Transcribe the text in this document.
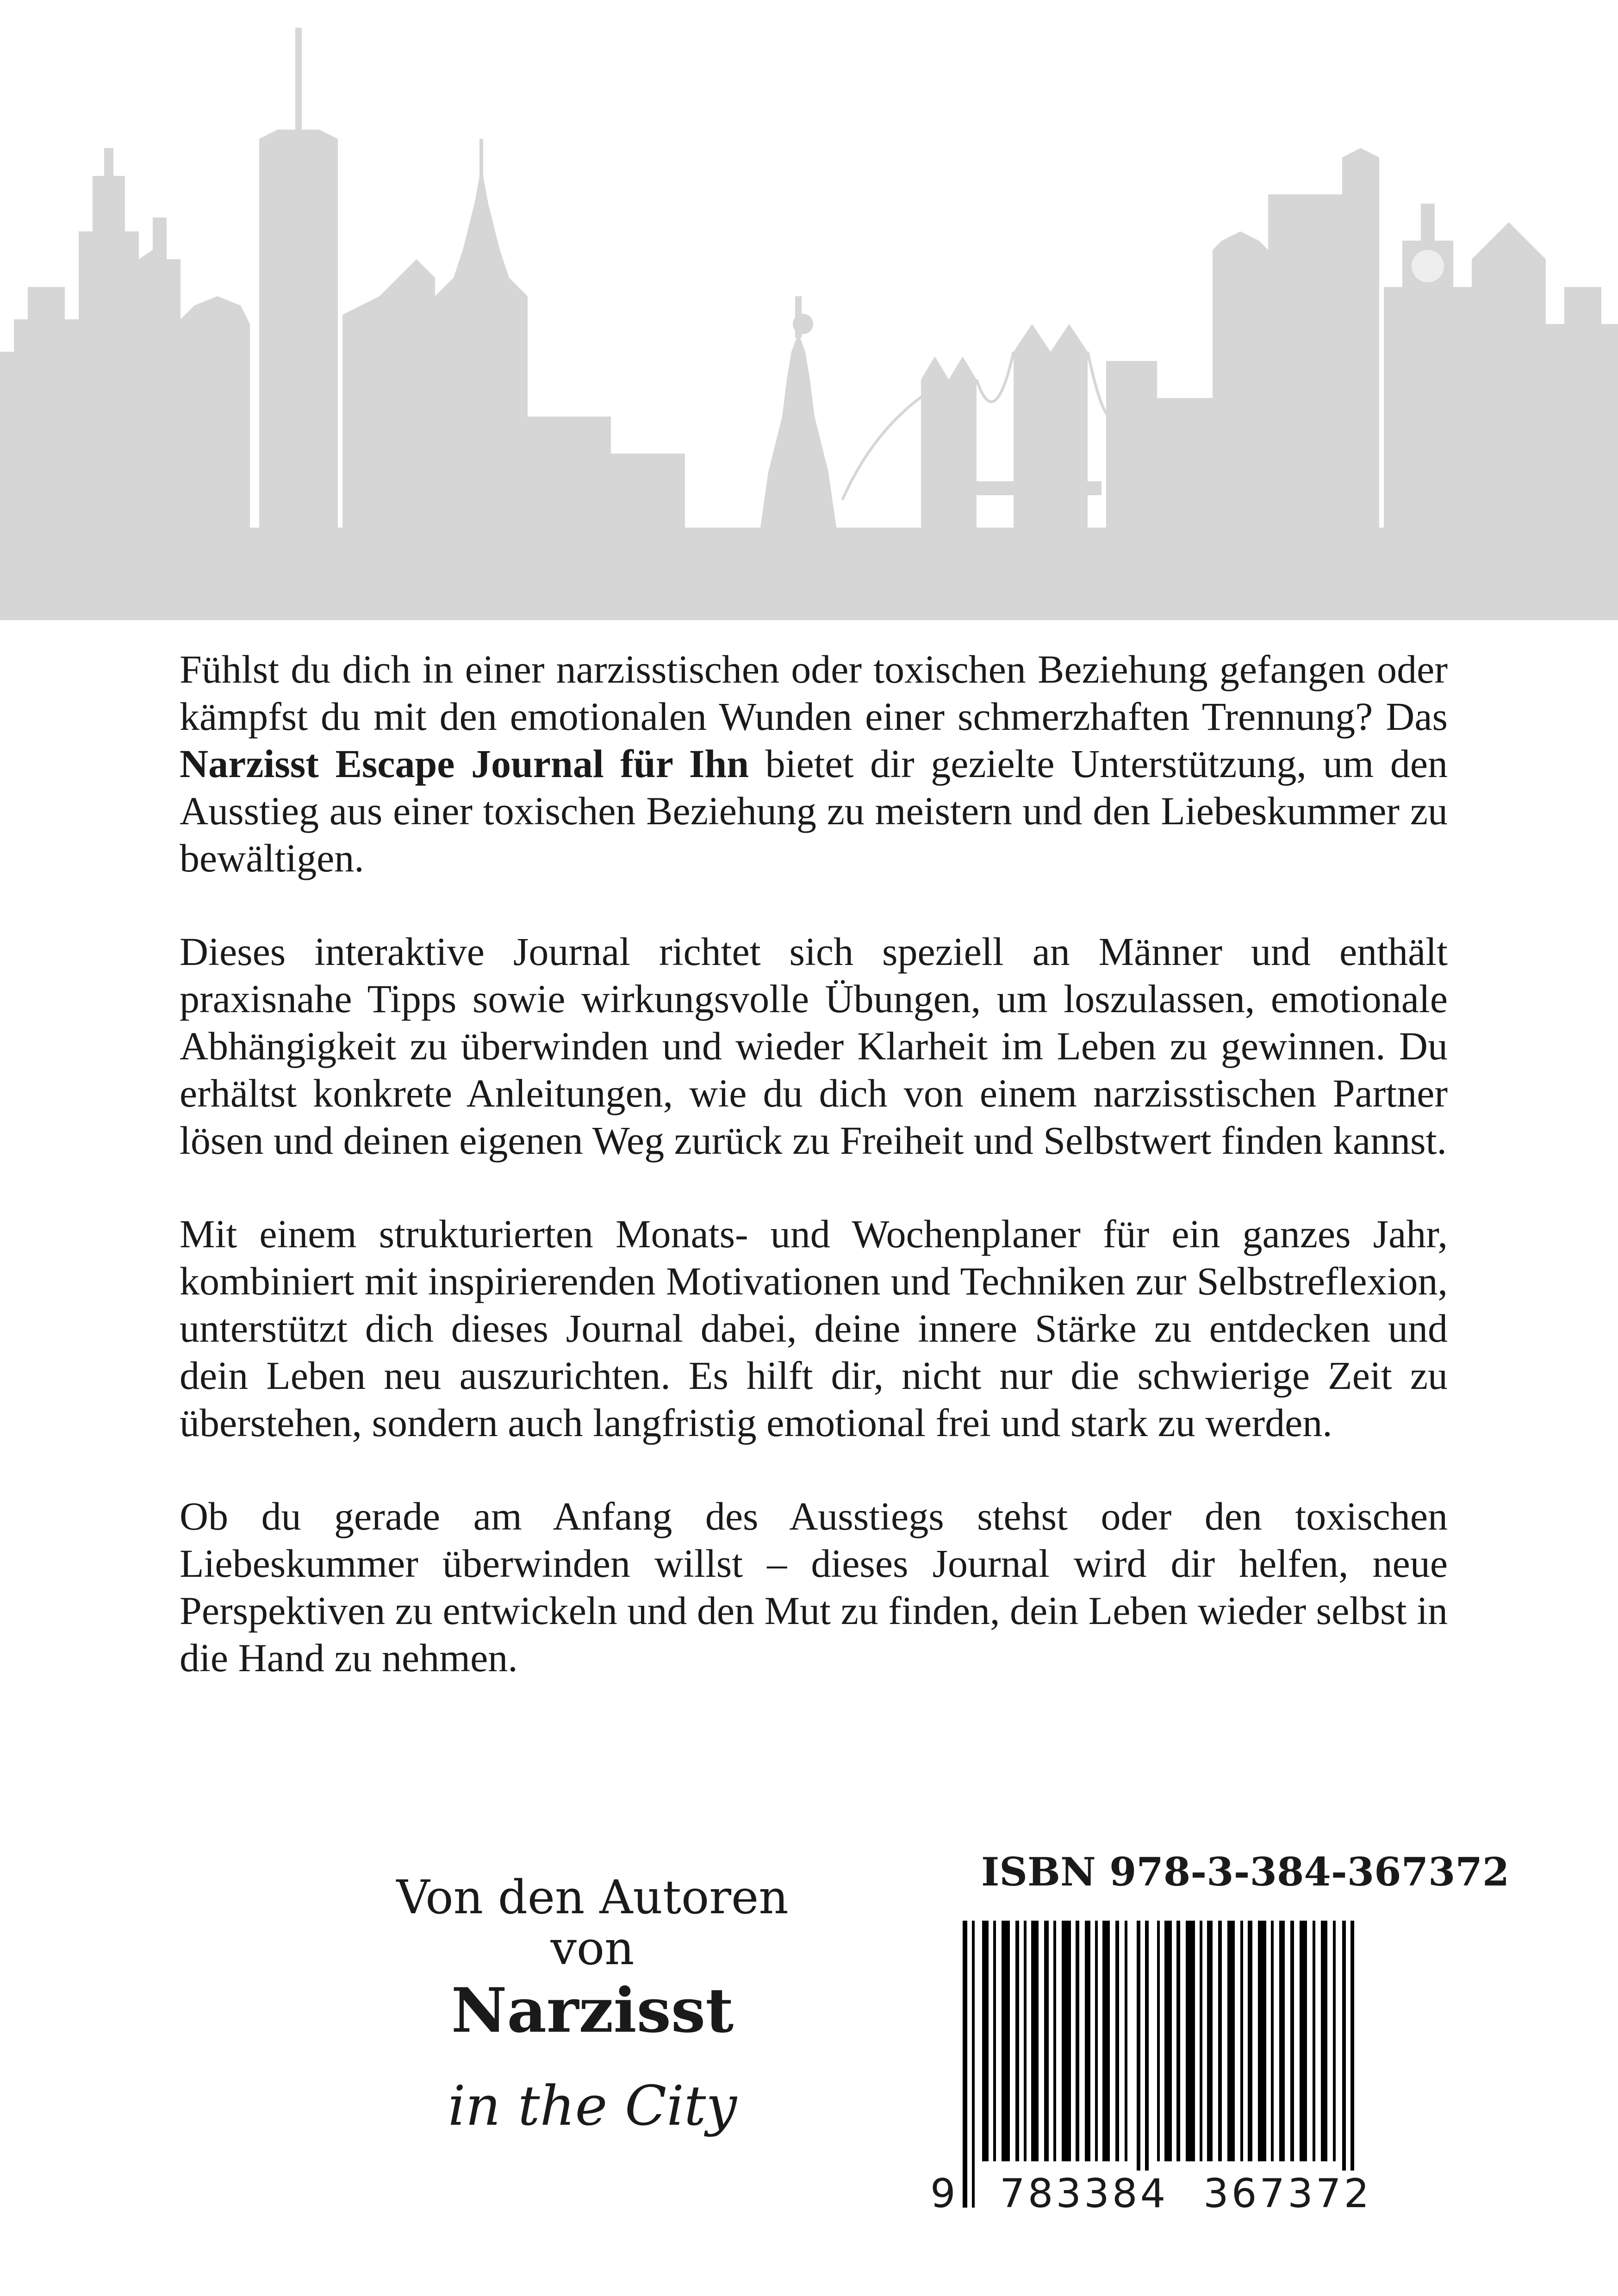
Fühlst du dich in einer narzisstischen oder toxischen Beziehung gefangen oder kämpfst du mit den emotionalen Wunden einer schmerzhaften Trennung? Das Narzisst Escape Journal für Ihn bietet dir gezielte Unterstützung, um den Ausstieg aus einer toxischen Beziehung zu meistern und den Liebeskummer zu bewältigen.

Dieses interaktive Journal richtet sich speziell an Männer und enthält praxisnahe Tipps sowie wirkungsvolle Übungen, um loszulassen, emotionale Abhängigkeit zu überwinden und wieder Klarheit im Leben zu gewinnen. Du erhältst konkrete Anleitungen, wie du dich von einem narzisstischen Partner lösen und deinen eigenen Weg zurück zu Freiheit und Selbstwert finden kannst.

Mit einem strukturierten Monats- und Wochenplaner für ein ganzes Jahr, kombiniert mit inspirierenden Motivationen und Techniken zur Selbstreflexion, unterstützt dich dieses Journal dabei, deine innere Stärke zu entdecken und dein Leben neu auszurichten. Es hilft dir, nicht nur die schwierige Zeit zu überstehen, sondern auch langfristig emotional frei und stark zu werden.

Ob du gerade am Anfang des Ausstiegs stehst oder den toxischen Liebeskummer überwinden willst – dieses Journal wird dir helfen, neue Perspektiven zu entwickeln und den Mut zu finden, dein Leben wieder selbst in die Hand zu nehmen.

Von den Autoren
von
Narzisst
in the City
ISBN 978-3-384-367372
9 783384 367372
